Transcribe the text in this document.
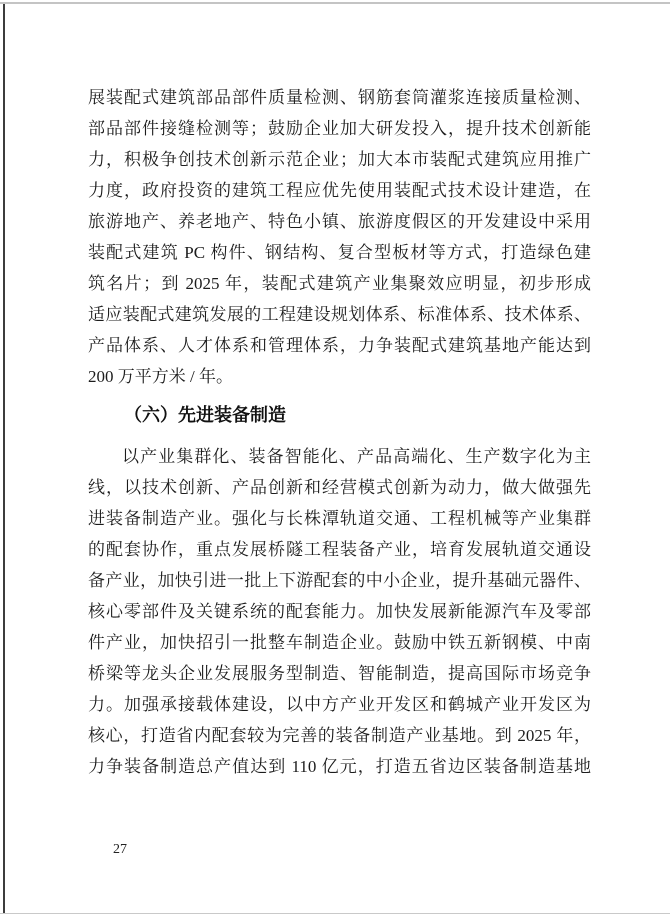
展装配式建筑部品部件质量检测、钢筋套筒灌浆连接质量检测、
部品部件接缝检测等；鼓励企业加大研发投入，提升技术创新能
力，积极争创技术创新示范企业；加大本市装配式建筑应用推广
力度，政府投资的建筑工程应优先使用装配式技术设计建造，在
旅游地产、养老地产、特色小镇、旅游度假区的开发建设中采用
装配式建筑 PC 构件、钢结构、复合型板材等方式，打造绿色建
筑名片；到 2025 年，装配式建筑产业集聚效应明显，初步形成
适应装配式建筑发展的工程建设规划体系、标准体系、技术体系、
产品体系、人才体系和管理体系，力争装配式建筑基地产能达到
200 万平方米 / 年。
（六）先进装备制造
以产业集群化、装备智能化、产品高端化、生产数字化为主
线，以技术创新、产品创新和经营模式创新为动力，做大做强先
进装备制造产业。强化与长株潭轨道交通、工程机械等产业集群
的配套协作，重点发展桥隧工程装备产业，培育发展轨道交通设
备产业，加快引进一批上下游配套的中小企业，提升基础元器件、
核心零部件及关键系统的配套能力。加快发展新能源汽车及零部
件产业，加快招引一批整车制造企业。鼓励中铁五新钢模、中南
桥梁等龙头企业发展服务型制造、智能制造，提高国际市场竞争
力。加强承接载体建设，以中方产业开发区和鹤城产业开发区为
核心，打造省内配套较为完善的装备制造产业基地。到 2025 年，
力争装备制造总产值达到 110 亿元，打造五省边区装备制造基地
27
